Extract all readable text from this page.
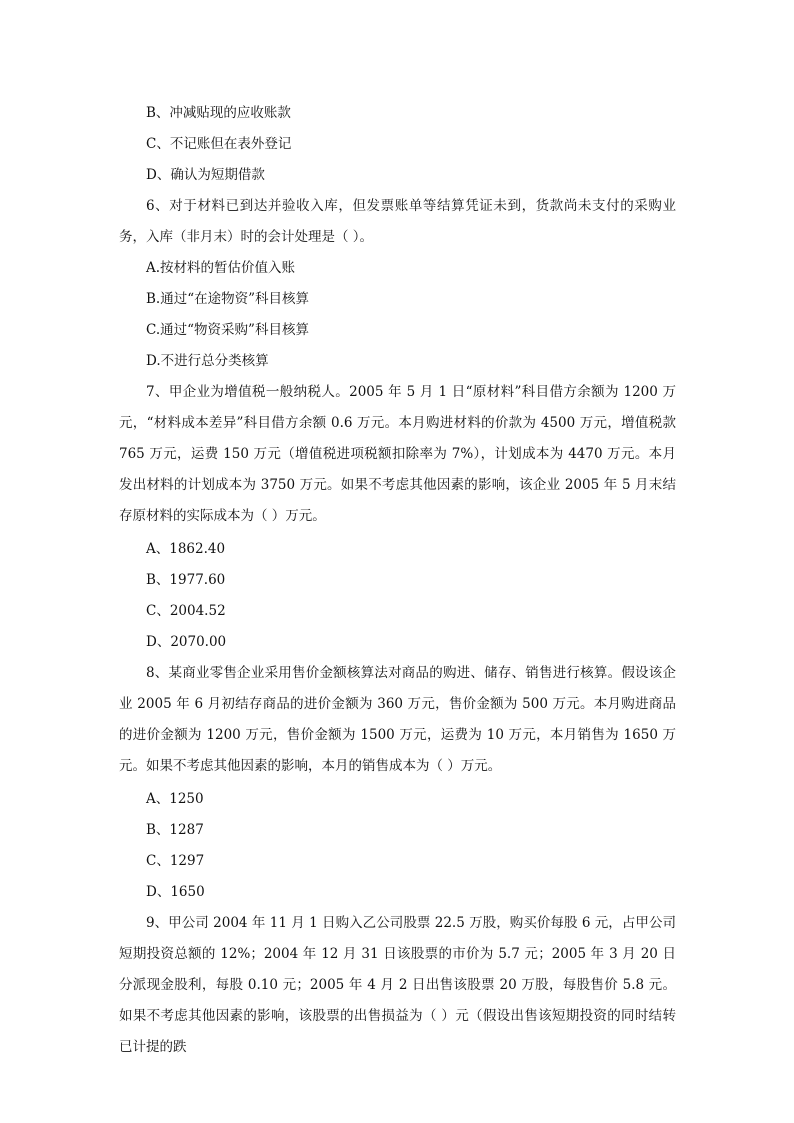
B、冲减贴现的应收账款
C、不记账但在表外登记
D、确认为短期借款
6、对于材料已到达并验收入库，但发票账单等结算凭证未到，货款尚未支付的采购业务，入库（非月末）时的会计处理是（ ）。
A.按材料的暂估价值入账
B.通过“在途物资”科目核算
C.通过“物资采购”科目核算
D.不进行总分类核算
7、甲企业为增值税一般纳税人。2005 年 5 月 1 日“原材料”科目借方余额为 1200 万元，“材料成本差异”科目借方余额 0.6 万元。本月购进材料的价款为 4500 万元，增值税款 765 万元，运费 150 万元（增值税进项税额扣除率为 7%），计划成本为 4470 万元。本月发出材料的计划成本为 3750 万元。如果不考虑其他因素的影响，该企业 2005 年 5 月末结存原材料的实际成本为（ ）万元。
A、1862.40
B、1977.60
C、2004.52
D、2070.00
8、某商业零售企业采用售价金额核算法对商品的购进、储存、销售进行核算。假设该企业 2005 年 6 月初结存商品的进价金额为 360 万元，售价金额为 500 万元。本月购进商品的进价金额为 1200 万元，售价金额为 1500 万元，运费为 10 万元，本月销售为 1650 万元。如果不考虑其他因素的影响，本月的销售成本为（ ）万元。
A、1250
B、1287
C、1297
D、1650
9、甲公司 2004 年 11 月 1 日购入乙公司股票 22.5 万股，购买价每股 6 元，占甲公司短期投资总额的 12%；2004 年 12 月 31 日该股票的市价为 5.7 元；2005 年 3 月 20 日分派现金股利，每股 0.10 元；2005 年 4 月 2 日出售该股票 20 万股，每股售价 5.8 元。如果不考虑其他因素的影响，该股票的出售损益为（ ）元（假设出售该短期投资的同时结转已计提的跌
